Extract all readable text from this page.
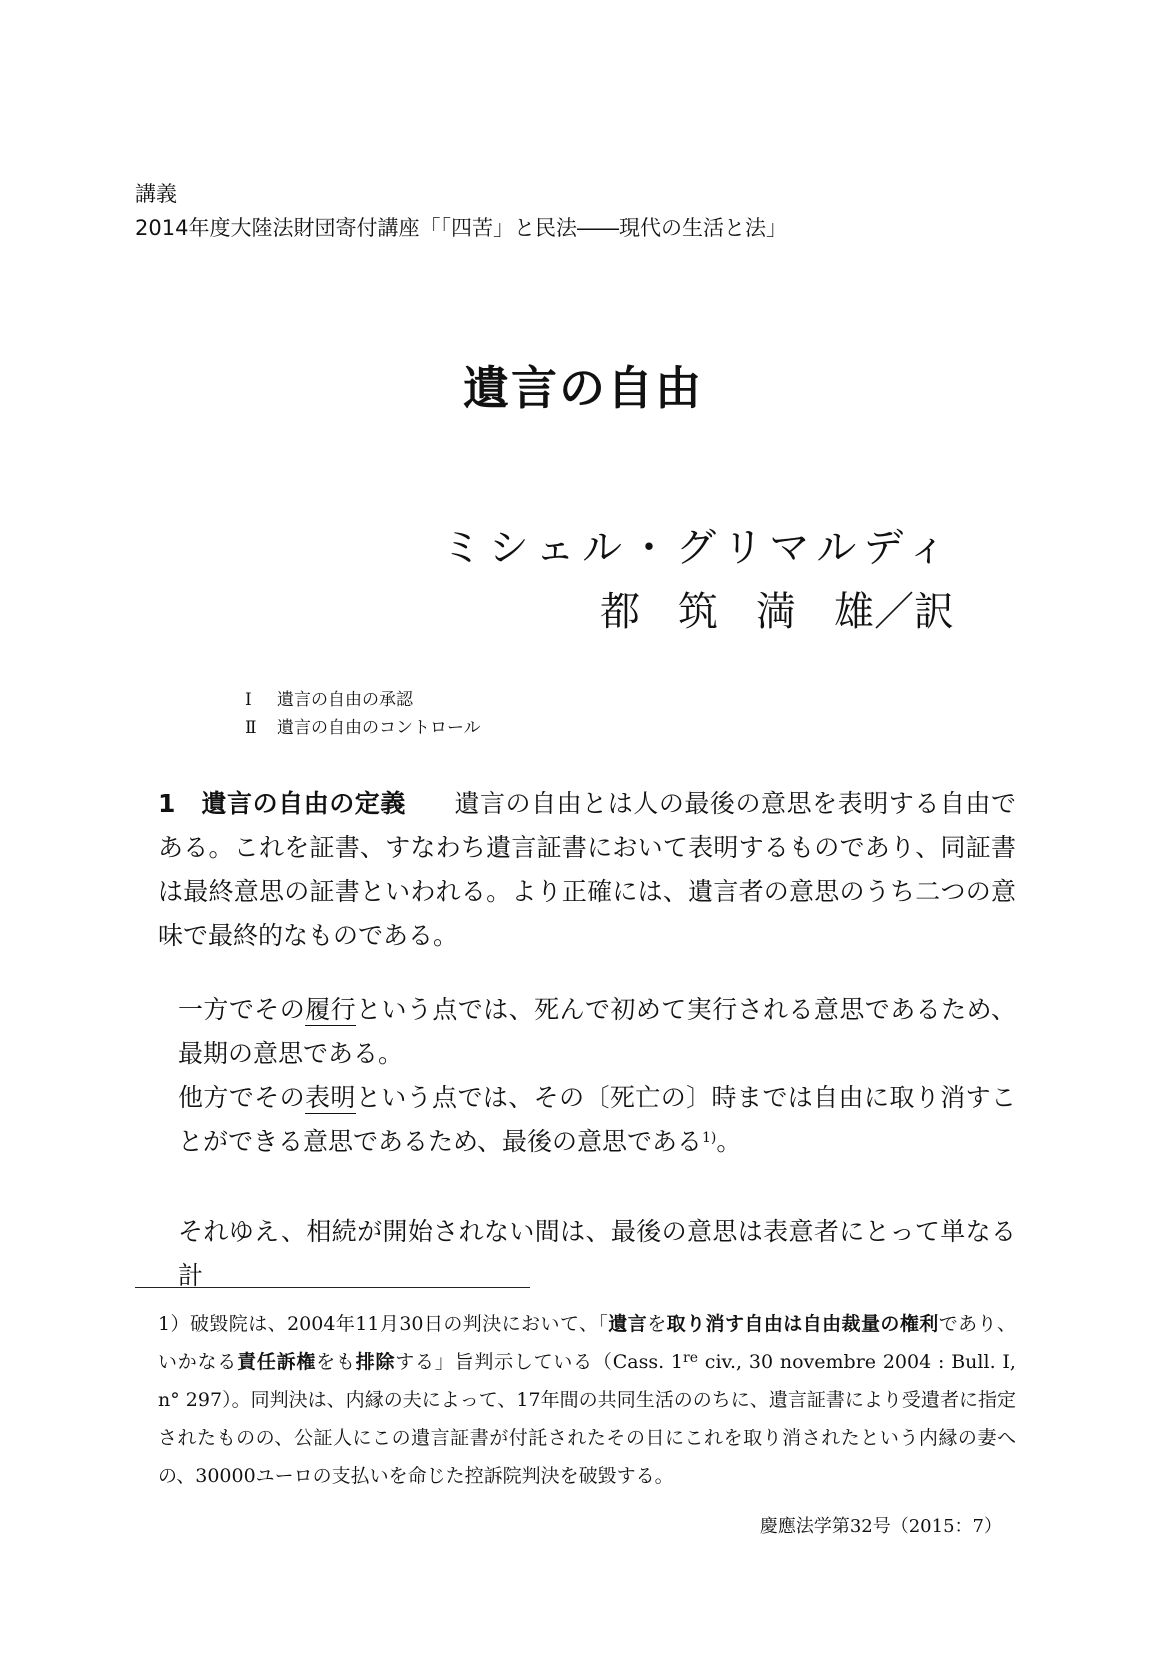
講義
2014年度大陸法財団寄付講座「「四苦」と民法――現代の生活と法」
遺言の自由
ミシェル・グリマルディ
都 筑 満 雄／訳
Ⅰ 遺言の自由の承認
Ⅱ 遺言の自由のコントロール

1　遺言の自由の定義 遺言の自由とは人の最後の意思を表明する自由である。これを証書、すなわち遺言証書において表明するものであり、同証書は最終意思の証書といわれる。より正確には、遺言者の意思のうち二つの意味で最終的なものである。

一方でその履行という点では、死んで初めて実行される意思であるため、最期の意思である。

他方でその表明という点では、その〔死亡の〕時までは自由に取り消すことができる意思であるため、最後の意思である$^{1)}$。

それゆえ、相続が開始されない間は、最後の意思は表意者にとって単なる計

1）破毀院は、2004年11月30日の判決において、「遺言を取り消す自由は自由裁量の権利であり、いかなる責任訴権をも排除する」旨判示している（Cass. 1re civ., 30 novembre 2004 : Bull. I, n° 297）。同判決は、内縁の夫によって、17年間の共同生活ののちに、遺言証書により受遺者に指定されたものの、公証人にこの遺言証書が付託されたその日にこれを取り消されたという内縁の妻への、30000ユーロの支払いを命じた控訴院判決を破毀する。

慶應法学第32号（2015：7）
